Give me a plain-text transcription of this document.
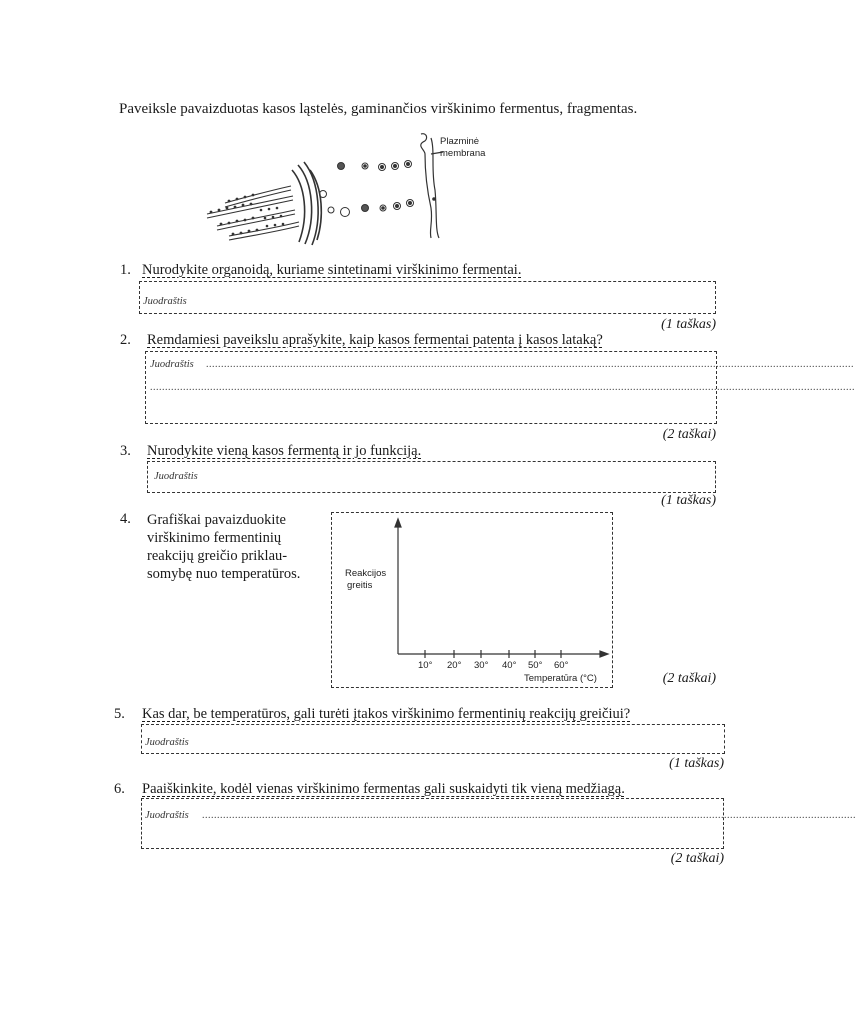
Paveiksle pavaizduotas kasos ląstelės, gaminančios virškinimo fermentus, fragmentas.
Plazminė
membrana
1. Nurodykite organoidą, kuriame sintetinami virškinimo fermentai.
Juodraštis
(1 taškas)
2. Remdamiesi paveikslu aprašykite, kaip kasos fermentai patenta į kasos lataką?
Juodraštis ........................................................................................................................................................................................................................
...........................................................................................................................................................................................................................................
(2 taškai)
3. Nurodykite vieną kasos fermentą ir jo funkciją.
Juodraštis
(1 taškas)
4. Grafiškai pavaizduokite
virškinimo fermentinių
reakcijų greičio priklau-
somybę nuo temperatūros.	Reakcijos
greitis
10° 20° 30° 40° 50° 60°
Temperatūra (°C)	(2 taškai)
5. Kas dar, be temperatūros, gali turėti įtakos virškinimo fermentinių reakcijų greičiui?
Juodraštis
(1 taškas)
6. Paaiškinkite, kodėl vienas virškinimo fermentas gali suskaidyti tik vieną medžiagą.
Juodraštis ..........................................................................................................................................................................................................................
(2 taškai)
